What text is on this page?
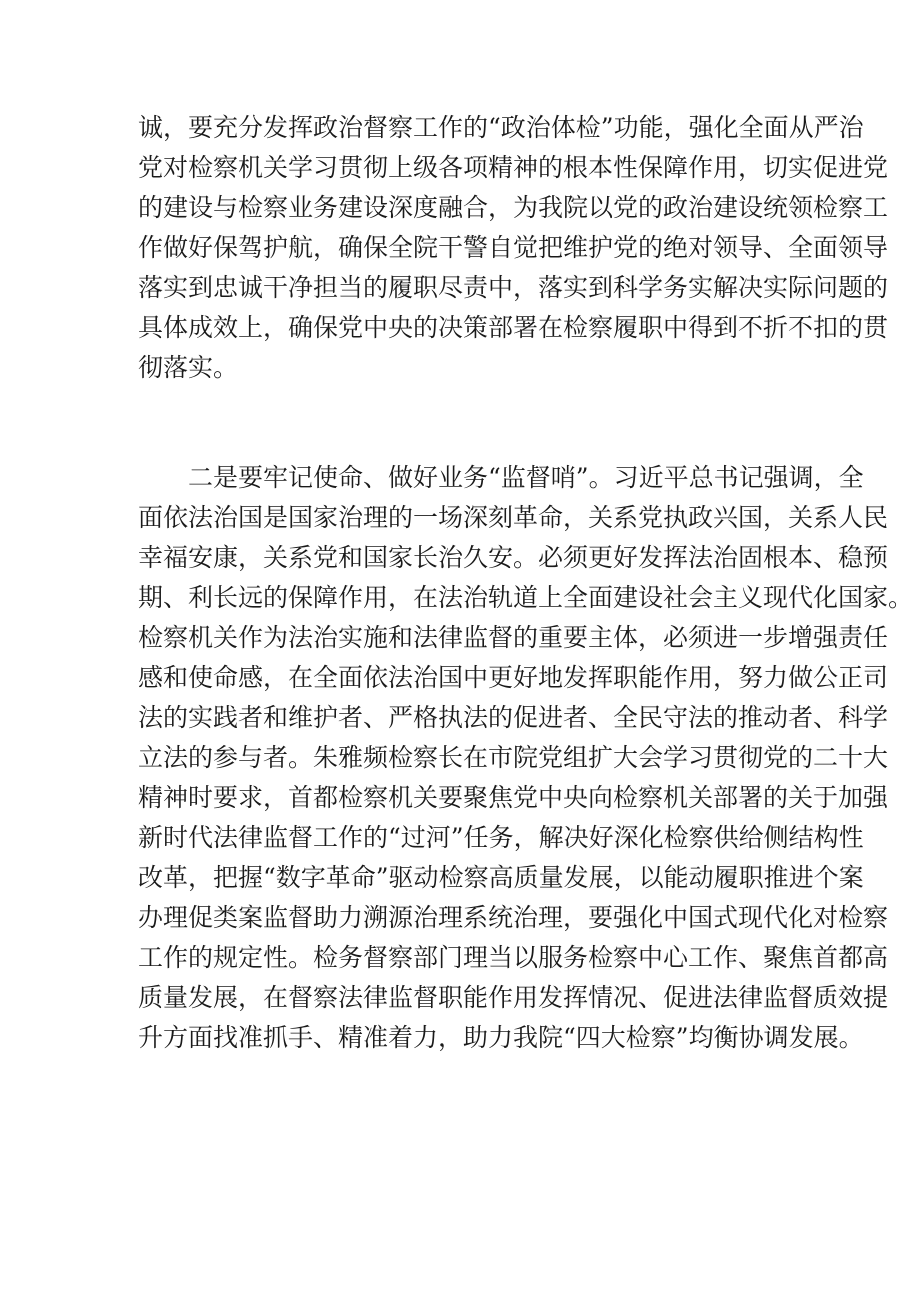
诚，要充分发挥政治督察工作的“政治体检”功能，强化全面从严治
党对检察机关学习贯彻上级各项精神的根本性保障作用，切实促进党
的建设与检察业务建设深度融合，为我院以党的政治建设统领检察工
作做好保驾护航，确保全院干警自觉把维护党的绝对领导、全面领导
落实到忠诚干净担当的履职尽责中，落实到科学务实解决实际问题的
具体成效上，确保党中央的决策部署在检察履职中得到不折不扣的贯
彻落实。
　　二是要牢记使命、做好业务“监督哨”。习近平总书记强调，全
面依法治国是国家治理的一场深刻革命，关系党执政兴国，关系人民
幸福安康，关系党和国家长治久安。必须更好发挥法治固根本、稳预
期、利长远的保障作用，在法治轨道上全面建设社会主义现代化国家。
检察机关作为法治实施和法律监督的重要主体，必须进一步增强责任
感和使命感，在全面依法治国中更好地发挥职能作用，努力做公正司
法的实践者和维护者、严格执法的促进者、全民守法的推动者、科学
立法的参与者。朱雅频检察长在市院党组扩大会学习贯彻党的二十大
精神时要求，首都检察机关要聚焦党中央向检察机关部署的关于加强
新时代法律监督工作的“过河”任务，解决好深化检察供给侧结构性
改革，把握“数字革命”驱动检察高质量发展，以能动履职推进个案
办理促类案监督助力溯源治理系统治理，要强化中国式现代化对检察
工作的规定性。检务督察部门理当以服务检察中心工作、聚焦首都高
质量发展，在督察法律监督职能作用发挥情况、促进法律监督质效提
升方面找准抓手、精准着力，助力我院“四大检察”均衡协调发展。
